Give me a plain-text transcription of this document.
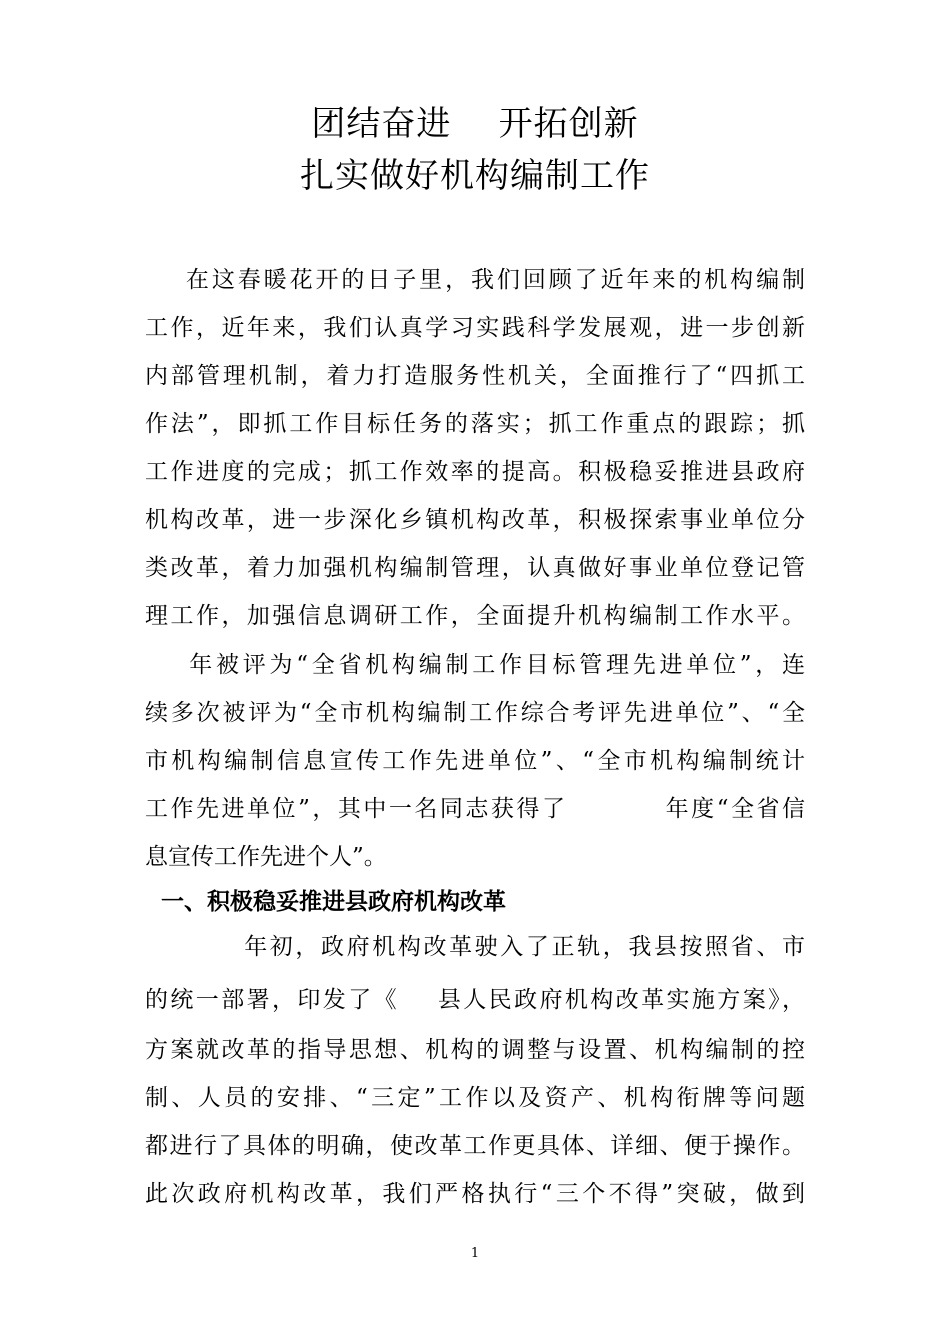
团结奋进    开拓创新
扎实做好机构编制工作
在这春暖花开的日子里，我们回顾了近年来的机构编制
工作，近年来，我们认真学习实践科学发展观，进一步创新
内部管理机制，着力打造服务性机关，全面推行了“四抓工
作法”，即抓工作目标任务的落实；抓工作重点的跟踪；抓
工作进度的完成；抓工作效率的提高。积极稳妥推进县政府
机构改革，进一步深化乡镇机构改革，积极探索事业单位分
类改革，着力加强机构编制管理，认真做好事业单位登记管
理工作，加强信息调研工作，全面提升机构编制工作水平。
年被评为“全省机构编制工作目标管理先进单位”，连
续多次被评为“全市机构编制工作综合考评先进单位”、“全
市机构编制信息宣传工作先进单位”、“全市机构编制统计
工作先进单位”，其中一名同志获得了          年度“全省信
息宣传工作先进个人”。
一、积极稳妥推进县政府机构改革
年初，政府机构改革驶入了正轨，我县按照省、市
的统一部署，印发了《    县人民政府机构改革实施方案》，
方案就改革的指导思想、机构的调整与设置、机构编制的控
制、人员的安排、“三定”工作以及资产、机构衔牌等问题
都进行了具体的明确，使改革工作更具体、详细、便于操作。
此次政府机构改革，我们严格执行“三个不得”突破，做到
1
